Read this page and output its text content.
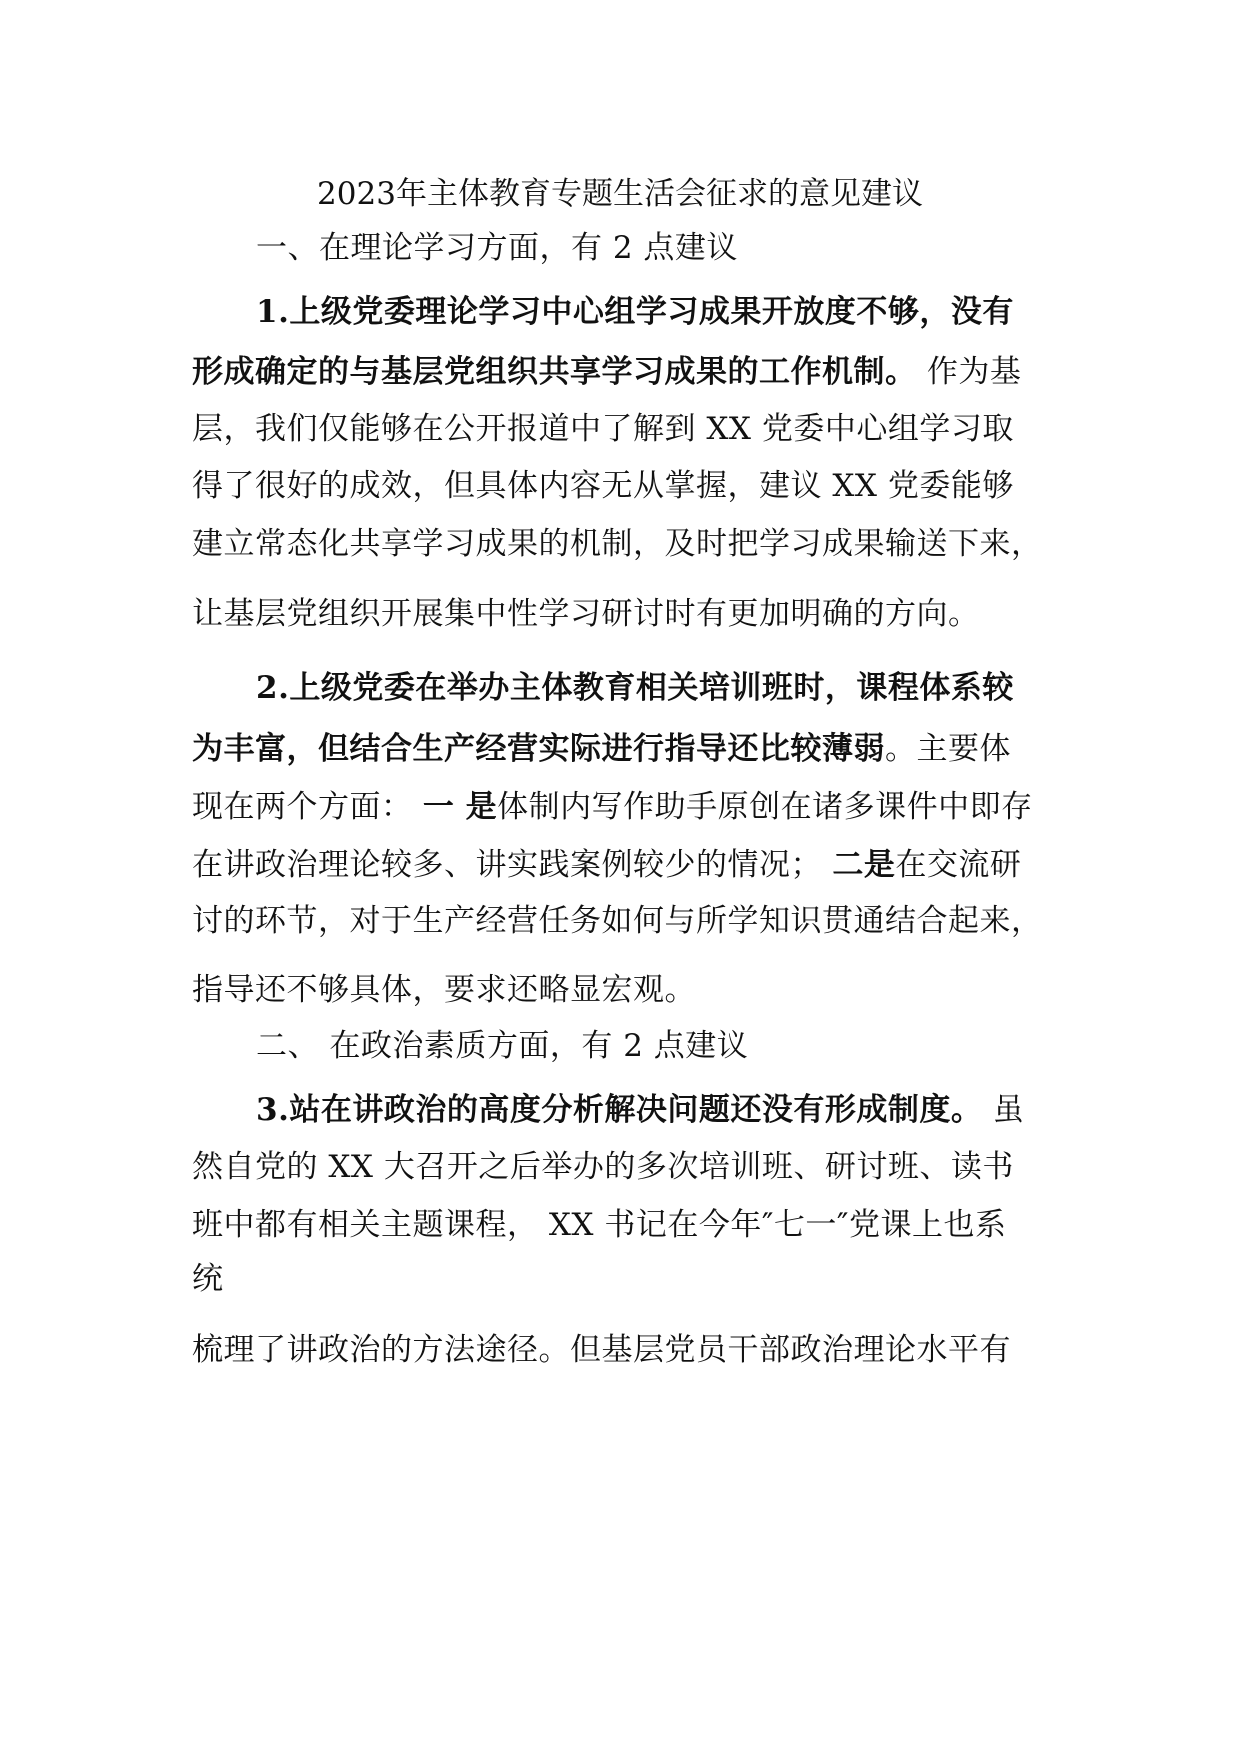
2023年主体教育专题生活会征求的意见建议
一、在理论学习方面，有 2 点建议
1.上级党委理论学习中心组学习成果开放度不够，没有
形成确定的与基层党组织共享学习成果的工作机制。 作为基
层，我们仅能够在公开报道中了解到 XX 党委中心组学习取
得了很好的成效，但具体内容无从掌握，建议 XX 党委能够
建立常态化共享学习成果的机制，及时把学习成果输送下来，
让基层党组织开展集中性学习研讨时有更加明确的方向。
2.上级党委在举办主体教育相关培训班时，课程体系较
为丰富，但结合生产经营实际进行指导还比较薄弱。主要体
现在两个方面： 一 是体制内写作助手原创在诸多课件中即存
在讲政治理论较多、讲实践案例较少的情况； 二是在交流研
讨的环节，对于生产经营任务如何与所学知识贯通结合起来，
指导还不够具体，要求还略显宏观。
二、 在政治素质方面，有 2 点建议
3.站在讲政治的高度分析解决问题还没有形成制度。 虽
然自党的 XX 大召开之后举办的多次培训班、研讨班、读书
班中都有相关主题课程， XX 书记在今年″七一″党课上也系
统
梳理了讲政治的方法途径。但基层党员干部政治理论水平有
